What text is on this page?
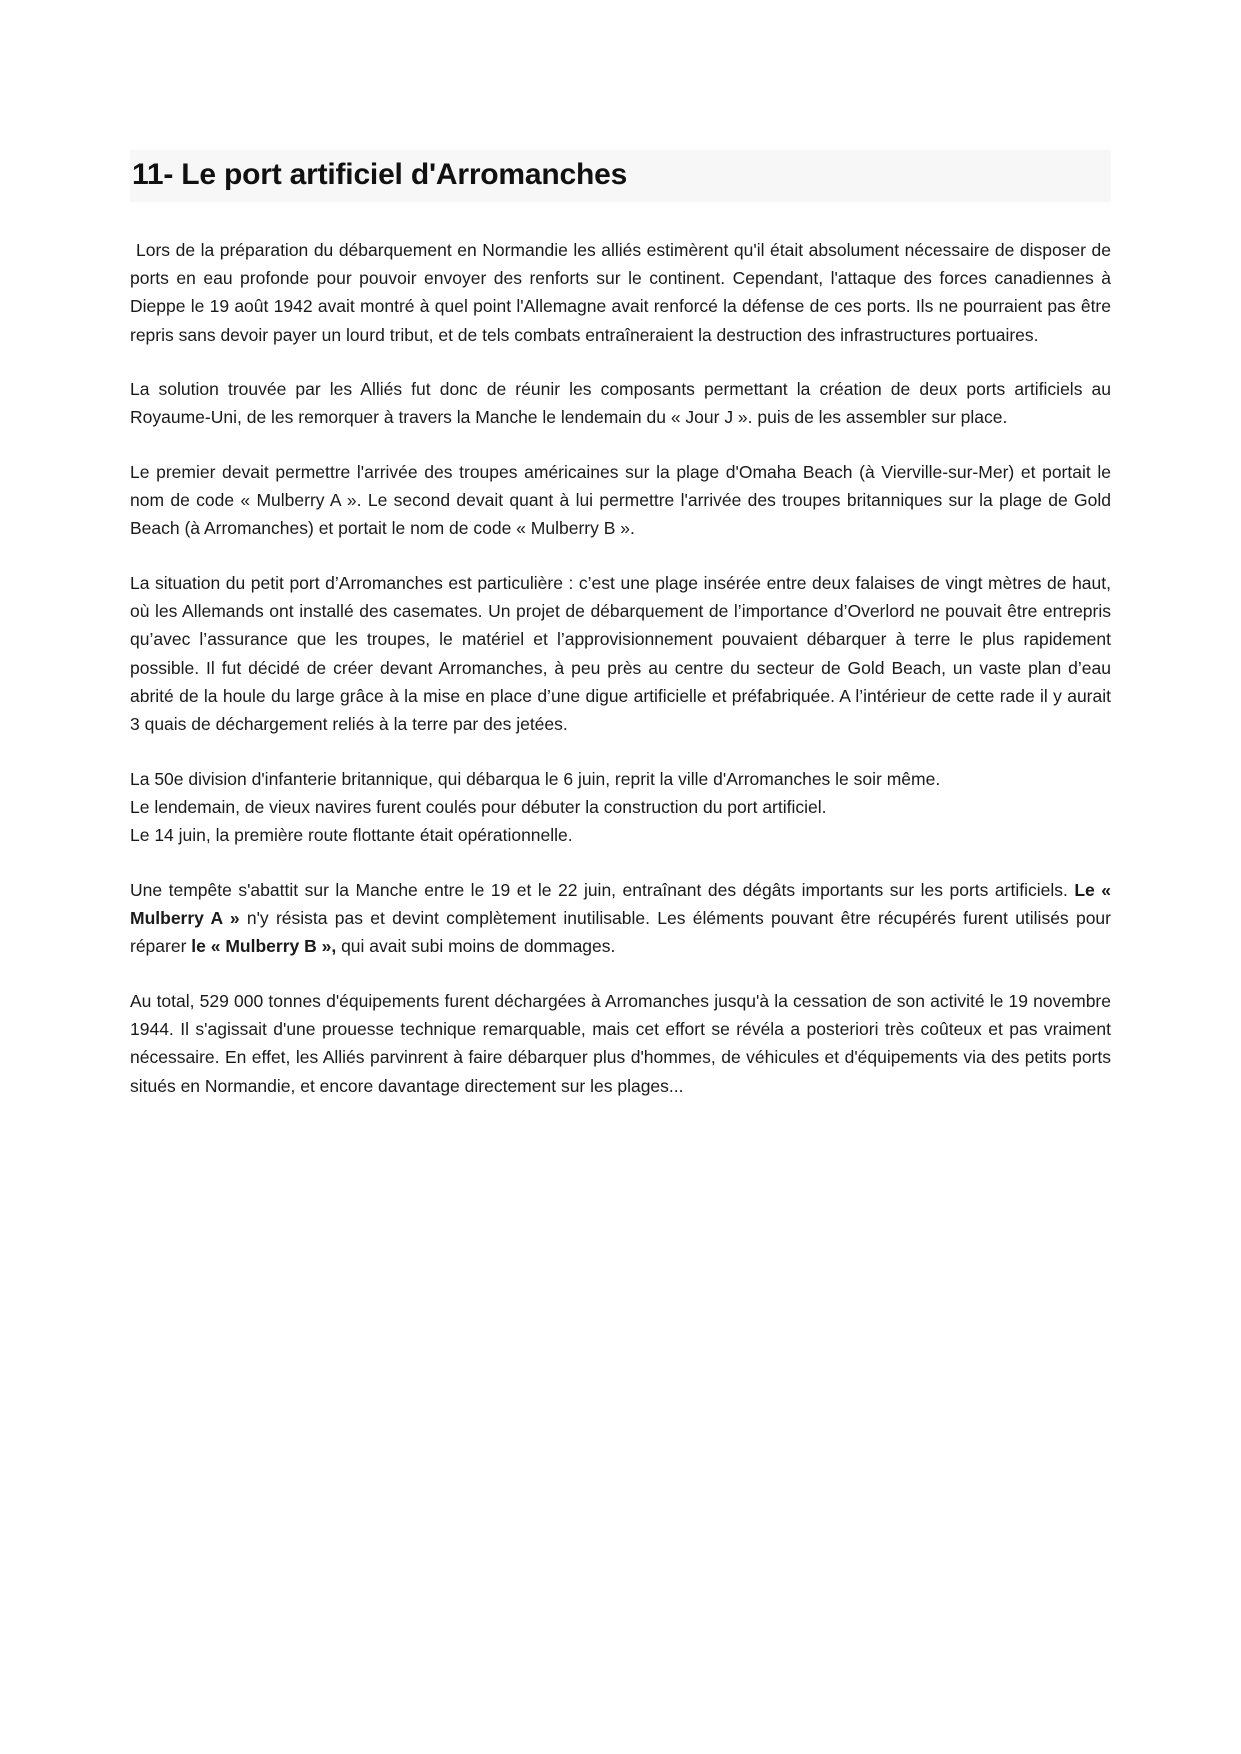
11- Le port artificiel d'Arromanches

Lors de la préparation du débarquement en Normandie les alliés estimèrent qu'il était absolument nécessaire de disposer de ports en eau profonde pour pouvoir envoyer des renforts sur le continent. Cependant, l'attaque des forces canadiennes à Dieppe le 19 août 1942 avait montré à quel point l'Allemagne avait renforcé la défense de ces ports. Ils ne pourraient pas être repris sans devoir payer un lourd tribut, et de tels combats entraîneraient la destruction des infrastructures portuaires.

La solution trouvée par les Alliés fut donc de réunir les composants permettant la création de deux ports artificiels au Royaume-Uni, de les remorquer à travers la Manche le lendemain du « Jour J ». puis de les assembler sur place.

Le premier devait permettre l'arrivée des troupes américaines sur la plage d'Omaha Beach (à Vierville-sur-Mer) et portait le nom de code « Mulberry A ». Le second devait quant à lui permettre l'arrivée des troupes britanniques sur la plage de Gold Beach (à Arromanches) et portait le nom de code « Mulberry B ».

La situation du petit port d’Arromanches est particulière : c’est une plage insérée entre deux falaises de vingt mètres de haut, où les Allemands ont installé des casemates. Un projet de débarquement de l’importance d’Overlord ne pouvait être entrepris qu’avec l’assurance que les troupes, le matériel et l’approvisionnement pouvaient débarquer à terre le plus rapidement possible. Il fut décidé de créer devant Arromanches, à peu près au centre du secteur de Gold Beach, un vaste plan d’eau abrité de la houle du large grâce à la mise en place d’une digue artificielle et préfabriquée. A l’intérieur de cette rade il y aurait 3 quais de déchargement reliés à la terre par des jetées.

La 50e division d'infanterie britannique, qui débarqua le 6 juin, reprit la ville d'Arromanches le soir même.

Le lendemain, de vieux navires furent coulés pour débuter la construction du port artificiel.

Le 14 juin, la première route flottante était opérationnelle.

Une tempête s'abattit sur la Manche entre le 19 et le 22 juin, entraînant des dégâts importants sur les ports artificiels. Le « Mulberry A » n'y résista pas et devint complètement inutilisable. Les éléments pouvant être récupérés furent utilisés pour réparer le « Mulberry B », qui avait subi moins de dommages.

Au total, 529 000 tonnes d'équipements furent déchargées à Arromanches jusqu'à la cessation de son activité le 19 novembre 1944. Il s'agissait d'une prouesse technique remarquable, mais cet effort se révéla a posteriori très coûteux et pas vraiment nécessaire. En effet, les Alliés parvinrent à faire débarquer plus d'hommes, de véhicules et d'équipements via des petits ports situés en Normandie, et encore davantage directement sur les plages...
